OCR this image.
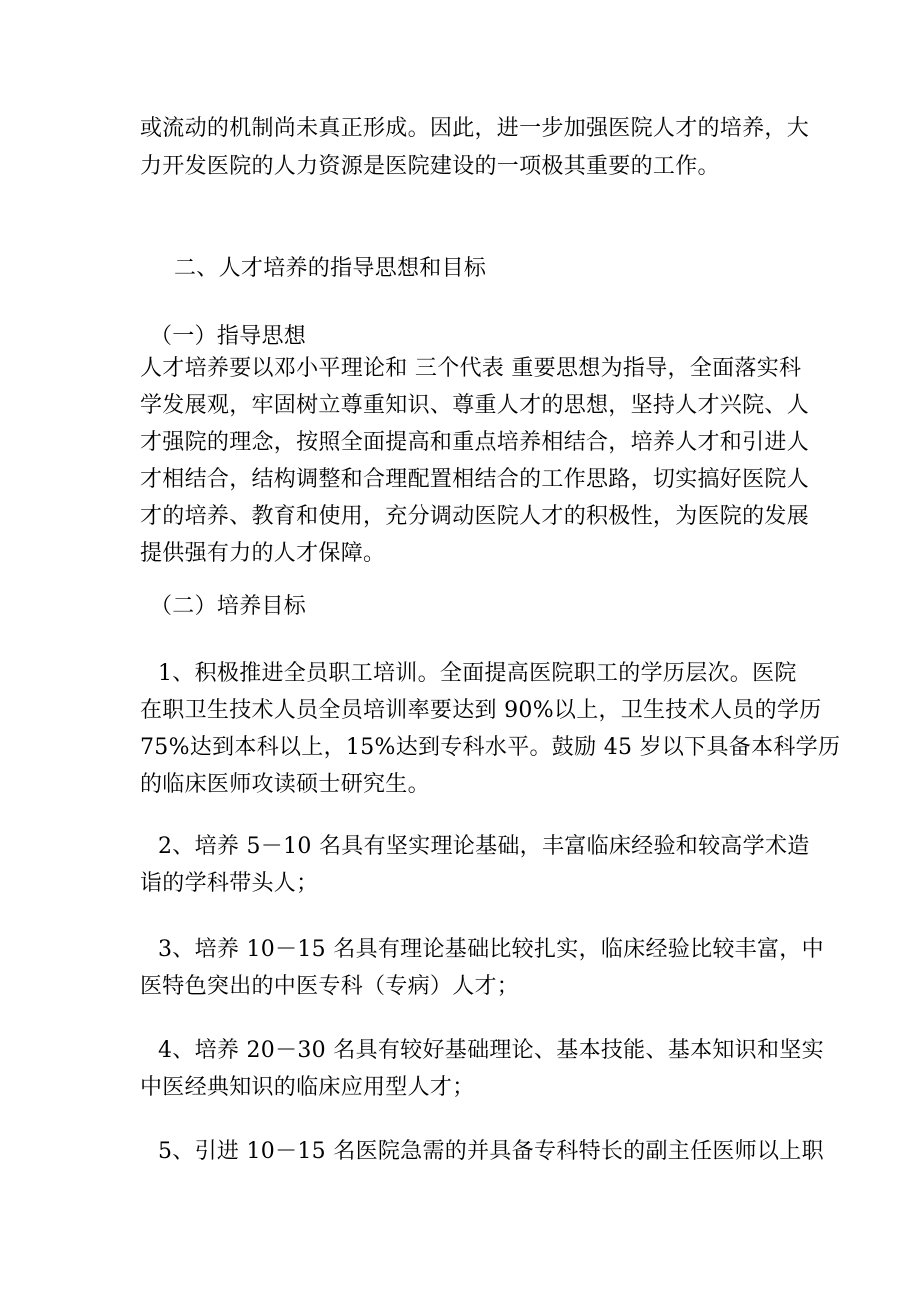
或流动的机制尚未真正形成。因此，进一步加强医院人才的培养，大
力开发医院的人力资源是医院建设的一项极其重要的工作。
二、人才培养的指导思想和目标
（一）指导思想
人才培养要以邓小平理论和 三个代表 重要思想为指导，全面落实科
学发展观，牢固树立尊重知识、尊重人才的思想，坚持人才兴院、人
才强院的理念，按照全面提高和重点培养相结合，培养人才和引进人
才相结合，结构调整和合理配置相结合的工作思路，切实搞好医院人
才的培养、教育和使用，充分调动医院人才的积极性，为医院的发展
提供强有力的人才保障。
（二）培养目标
1、积极推进全员职工培训。全面提高医院职工的学历层次。医院
在职卫生技术人员全员培训率要达到 90%以上，卫生技术人员的学历
75%达到本科以上，15%达到专科水平。鼓励 45 岁以下具备本科学历
的临床医师攻读硕士研究生。
2、培养 5－10 名具有坚实理论基础，丰富临床经验和较高学术造
诣的学科带头人；
3、培养 10－15 名具有理论基础比较扎实，临床经验比较丰富，中
医特色突出的中医专科（专病）人才；
4、培养 20－30 名具有较好基础理论、基本技能、基本知识和坚实
中医经典知识的临床应用型人才；
5、引进 10－15 名医院急需的并具备专科特长的副主任医师以上职
